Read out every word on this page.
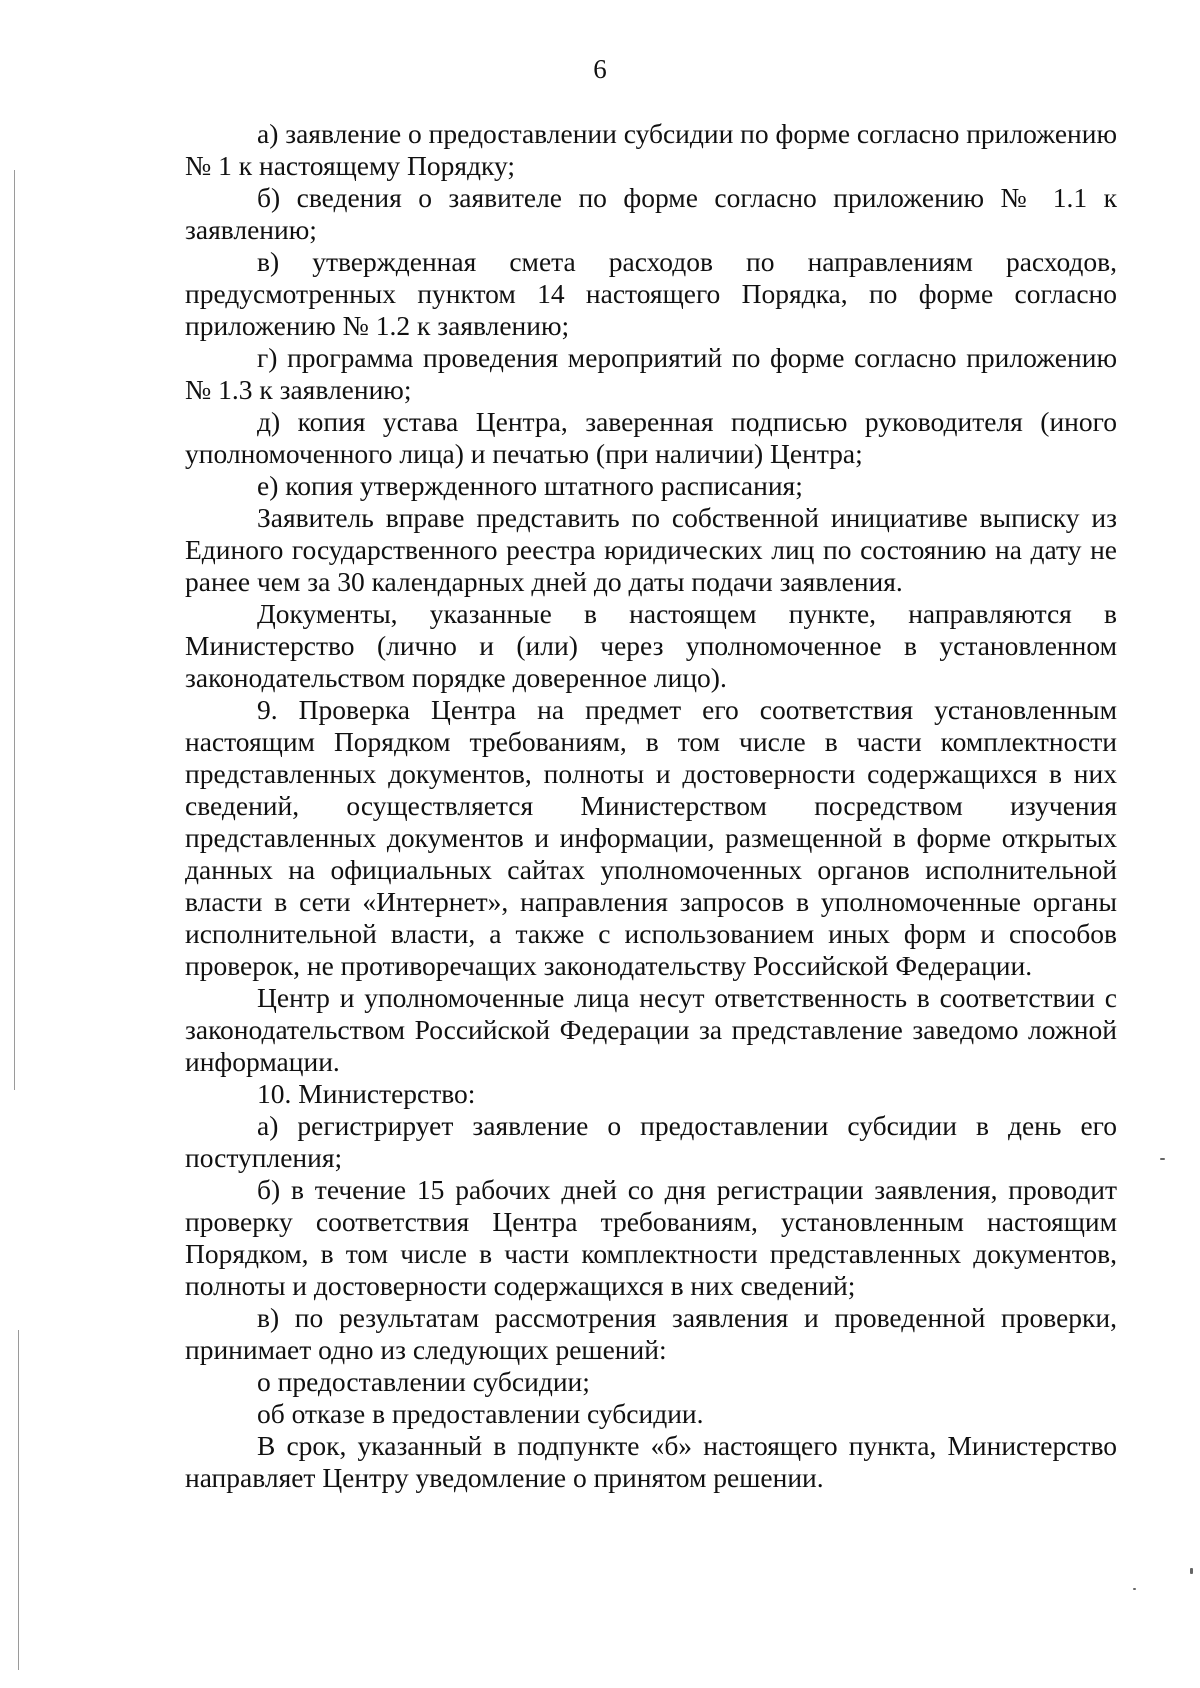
6

а) заявление о предоставлении субсидии по форме согласно приложению № 1 к настоящему Порядку;

б) сведения о заявителе по форме согласно приложению № 1.1 к заявлению;

в) утвержденная смета расходов по направлениям расходов, предусмотренных пунктом 14 настоящего Порядка, по форме согласно приложению № 1.2 к заявлению;

г) программа проведения мероприятий по форме согласно приложению № 1.3 к заявлению;

д) копия устава Центра, заверенная подписью руководителя (иного уполномоченного лица) и печатью (при наличии) Центра;

е) копия утвержденного штатного расписания;

Заявитель вправе представить по собственной инициативе выписку из Единого государственного реестра юридических лиц по состоянию на дату не ранее чем за 30 календарных дней до даты подачи заявления.

Документы, указанные в настоящем пункте, направляются в Министерство (лично и (или) через уполномоченное в установленном законодательством порядке доверенное лицо).

9. Проверка Центра на предмет его соответствия установленным настоящим Порядком требованиям, в том числе в части комплектности представленных документов, полноты и достоверности содержащихся в них сведений, осуществляется Министерством посредством изучения представленных документов и информации, размещенной в форме открытых данных на официальных сайтах уполномоченных органов исполнительной власти в сети «Интернет», направления запросов в уполномоченные органы исполнительной власти, а также с использованием иных форм и способов проверок, не противоречащих законодательству Российской Федерации.

Центр и уполномоченные лица несут ответственность в соответствии с законодательством Российской Федерации за представление заведомо ложной информации.

10. Министерство:

а) регистрирует заявление о предоставлении субсидии в день его поступления;

б) в течение 15 рабочих дней со дня регистрации заявления, проводит проверку соответствия Центра требованиям, установленным настоящим Порядком, в том числе в части комплектности представленных документов, полноты и достоверности содержащихся в них сведений;

в) по результатам рассмотрения заявления и проведенной проверки, принимает одно из следующих решений:

о предоставлении субсидии;

об отказе в предоставлении субсидии.

В срок, указанный в подпункте «б» настоящего пункта, Министерство направляет Центру уведомление о принятом решении.
